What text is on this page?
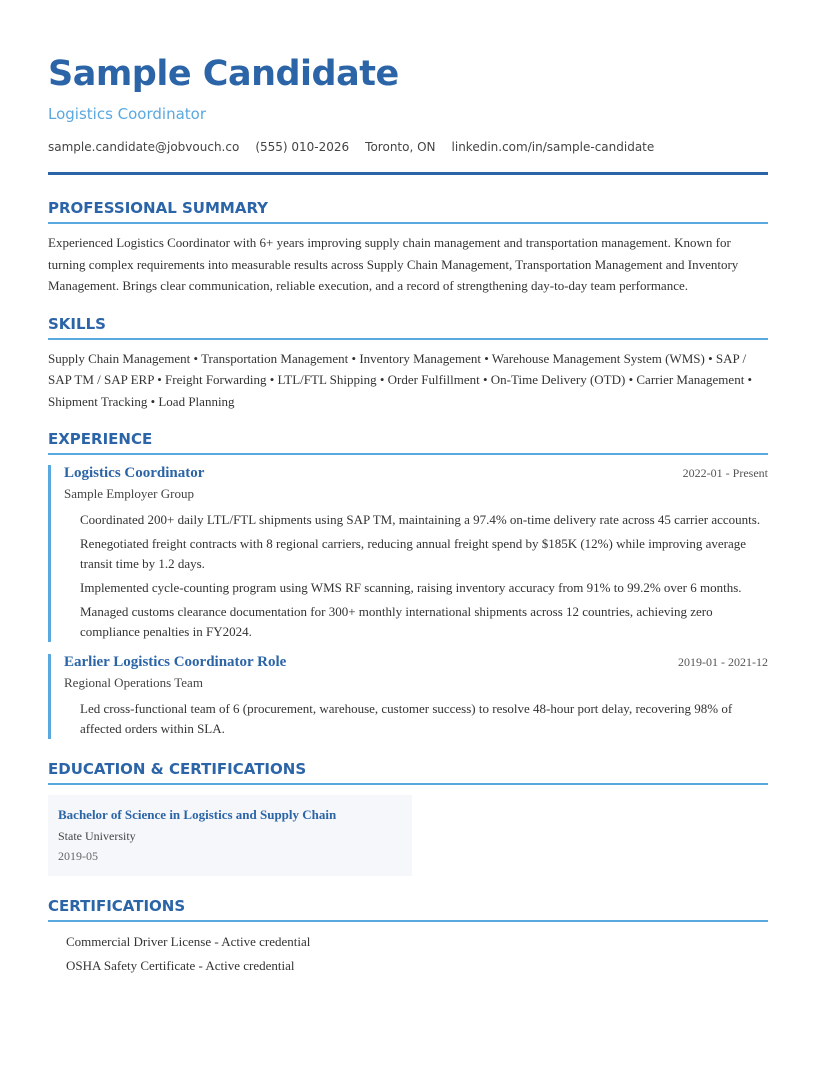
Sample Candidate
Logistics Coordinator
sample.candidate@jobvouch.co (555) 010-2026 Toronto, ON linkedin.com/in/sample-candidate
PROFESSIONAL SUMMARY
Experienced Logistics Coordinator with 6+ years improving supply chain management and transportation management. Known for turning complex requirements into measurable results across Supply Chain Management, Transportation Management and Inventory Management. Brings clear communication, reliable execution, and a record of strengthening day-to-day team performance.
SKILLS
Supply Chain Management • Transportation Management • Inventory Management • Warehouse Management System (WMS) • SAP / SAP TM / SAP ERP • Freight Forwarding • LTL/FTL Shipping • Order Fulfillment • On-Time Delivery (OTD) • Carrier Management • Shipment Tracking • Load Planning
EXPERIENCE
Logistics Coordinator	2022-01 - Present
Sample Employer Group
Coordinated 200+ daily LTL/FTL shipments using SAP TM, maintaining a 97.4% on-time delivery rate across 45 carrier accounts.
Renegotiated freight contracts with 8 regional carriers, reducing annual freight spend by $185K (12%) while improving average transit time by 1.2 days.
Implemented cycle-counting program using WMS RF scanning, raising inventory accuracy from 91% to 99.2% over 6 months.
Managed customs clearance documentation for 300+ monthly international shipments across 12 countries, achieving zero compliance penalties in FY2024.
Earlier Logistics Coordinator Role	2019-01 - 2021-12
Regional Operations Team
Led cross-functional team of 6 (procurement, warehouse, customer success) to resolve 48-hour port delay, recovering 98% of affected orders within SLA.
EDUCATION & CERTIFICATIONS
Bachelor of Science in Logistics and Supply Chain
State University
2019-05
CERTIFICATIONS
Commercial Driver License - Active credential
OSHA Safety Certificate - Active credential
